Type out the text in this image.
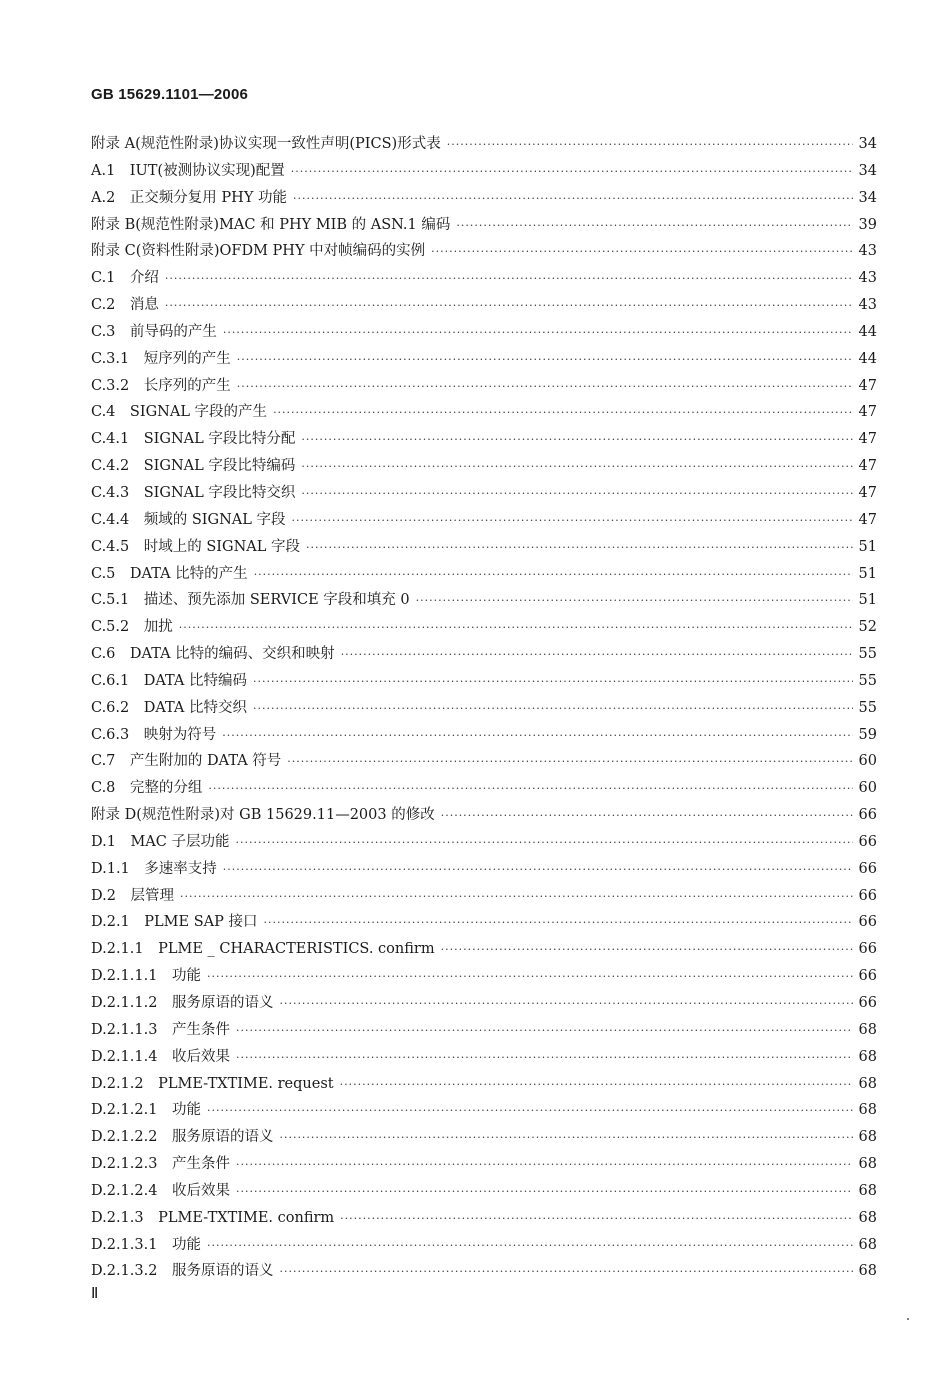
GB 15629.1101—2006
附录 A(规范性附录)协议实现一致性声明(PICS)形式表 ·····	34
A.1　IUT(被测协议实现)配置 ·····	34
A.2　正交频分复用 PHY 功能 ·····	34
附录 B(规范性附录)MAC 和 PHY MIB 的 ASN.1 编码 ·····	39
附录 C(资料性附录)OFDM PHY 中对帧编码的实例 ·····	43
C.1　介绍 ·····	43
C.2　消息 ·····	43
C.3　前导码的产生 ·····	44
C.3.1　短序列的产生 ·····	44
C.3.2　长序列的产生 ·····	47
C.4　SIGNAL 字段的产生 ·····	47
C.4.1　SIGNAL 字段比特分配 ·····	47
C.4.2　SIGNAL 字段比特编码 ·····	47
C.4.3　SIGNAL 字段比特交织 ·····	47
C.4.4　频域的 SIGNAL 字段 ·····	47
C.4.5　时域上的 SIGNAL 字段 ·····	51
C.5　DATA 比特的产生 ·····	51
C.5.1　描述、预先添加 SERVICE 字段和填充 0 ·····	51
C.5.2　加扰 ·····	52
C.6　DATA 比特的编码、交织和映射 ·····	55
C.6.1　DATA 比特编码 ·····	55
C.6.2　DATA 比特交织 ·····	55
C.6.3　映射为符号 ·····	59
C.7　产生附加的 DATA 符号 ·····	60
C.8　完整的分组 ·····	60
附录 D(规范性附录)对 GB 15629.11—2003 的修改 ·····	66
D.1　MAC 子层功能 ·····	66
D.1.1　多速率支持 ·····	66
D.2　层管理 ·····	66
D.2.1　PLME SAP 接口 ·····	66
D.2.1.1　PLME _ CHARACTERISTICS. confirm ·····	66
D.2.1.1.1　功能 ·····	66
D.2.1.1.2　服务原语的语义 ·····	66
D.2.1.1.3　产生条件 ·····	68
D.2.1.1.4　收后效果 ·····	68
D.2.1.2　PLME-TXTIME. request ·····	68
D.2.1.2.1　功能 ·····	68
D.2.1.2.2　服务原语的语义 ·····	68
D.2.1.2.3　产生条件 ·····	68
D.2.1.2.4　收后效果 ·····	68
D.2.1.3　PLME-TXTIME. confirm ·····	68
D.2.1.3.1　功能 ·····	68
D.2.1.3.2　服务原语的语义 ·····	68
Ⅱ
